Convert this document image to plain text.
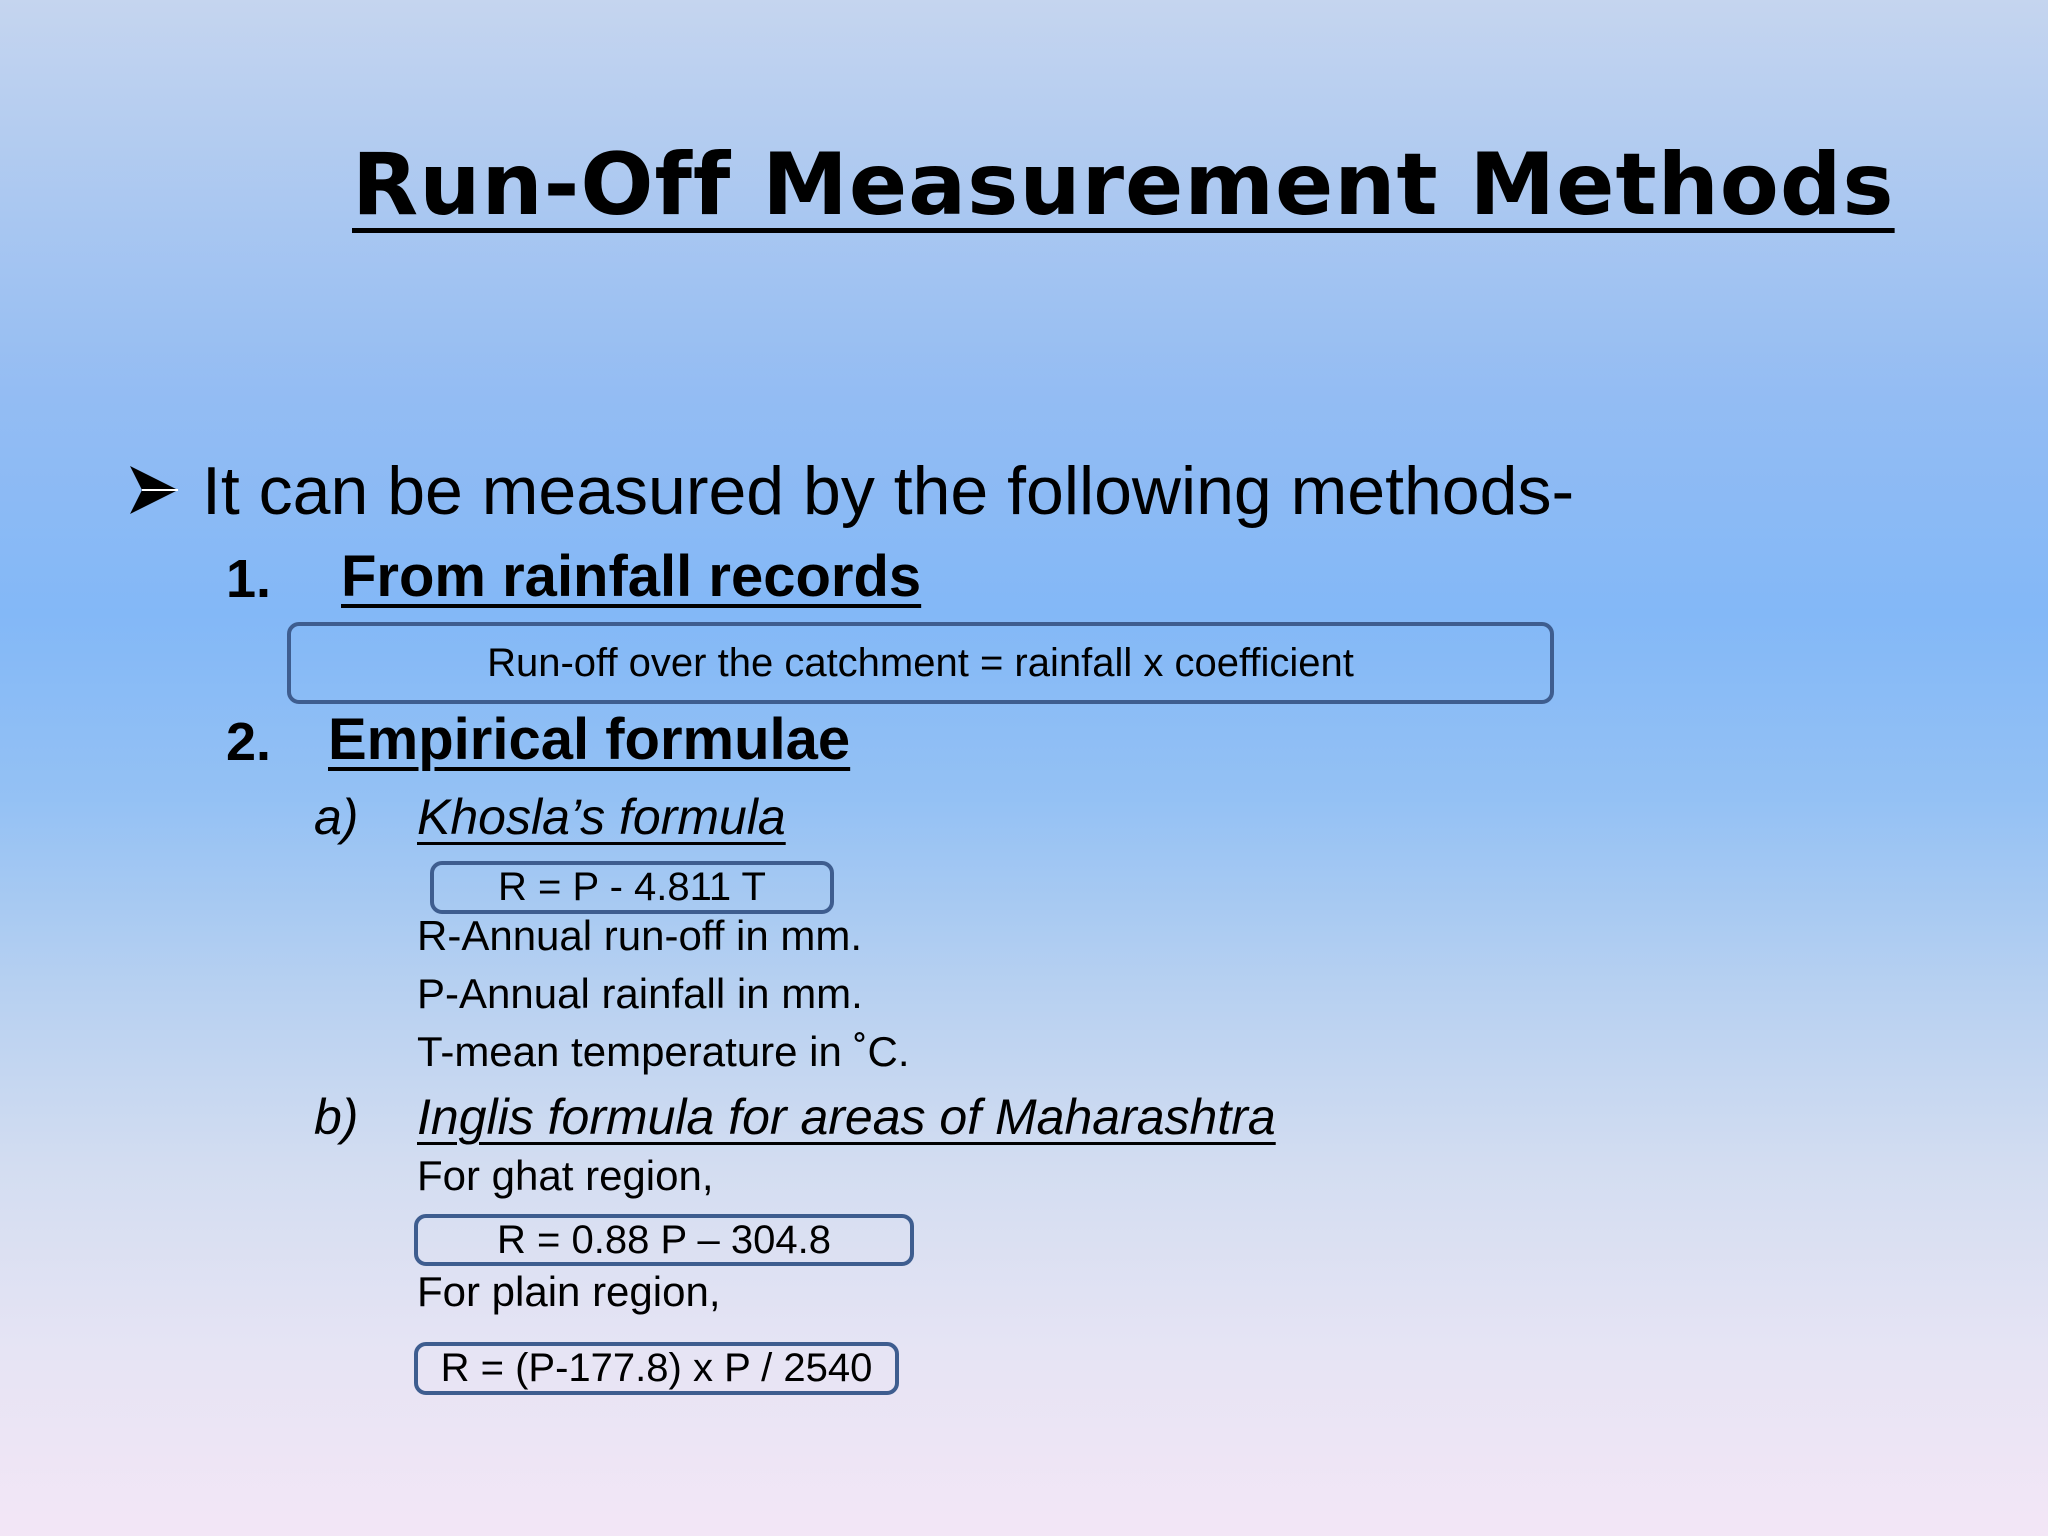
Run-Off Measurement Methods
It can be measured by the following methods-
1. From rainfall records
Run-off over the catchment = rainfall x coefficient
2. Empirical formulae
a) Khosla’s formula
R = P - 4.811 T
R-Annual run-off in mm.
P-Annual rainfall in mm.
T-mean temperature in ˚C.
b) Inglis formula for areas of Maharashtra
For ghat region,
R = 0.88 P – 304.8
For plain region,
R = (P-177.8) x P / 2540
